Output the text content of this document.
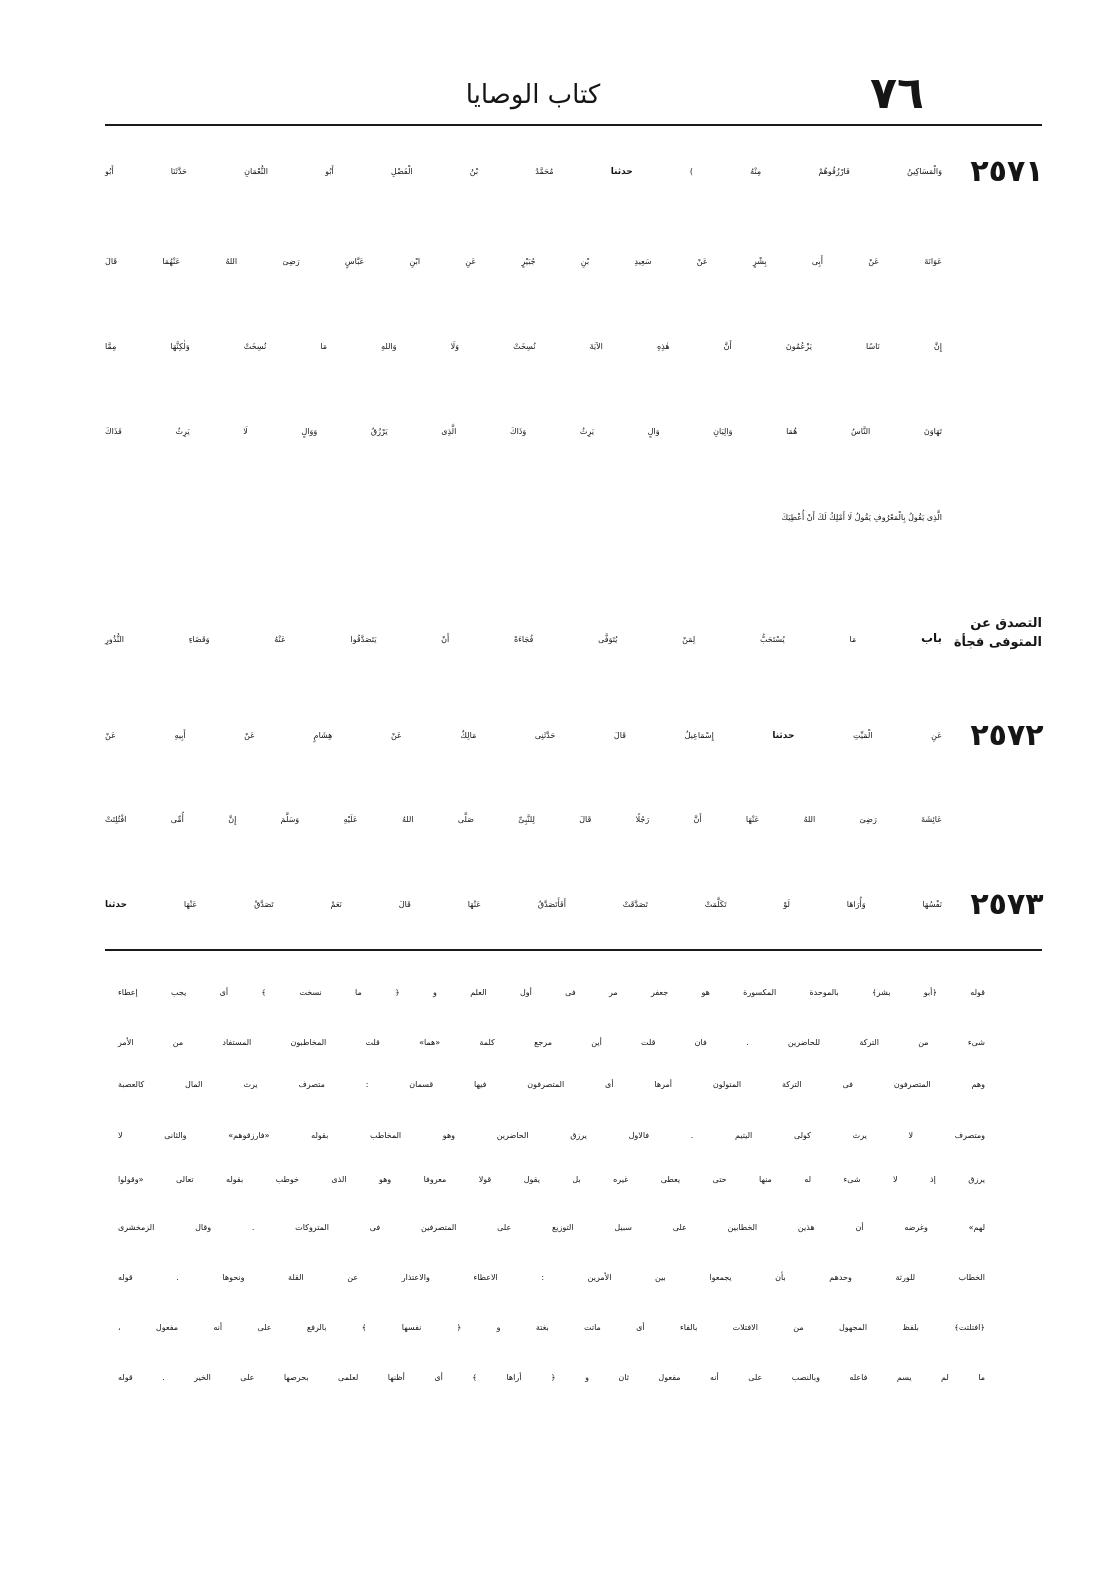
٧٦
كتاب الوصايا
٢٥٧١
وَالْمَسَاكِينُ فَارْزُقُوهُمْ مِنْهُ ) حدثنا مُحَمَّدُ بْنُ الْفَضْلِ أَبُو النُّعْمَانِ حَدَّثَنَا أَبُو
عَوَانَةَ عَنْ أَبِى بِشْرٍ عَنْ سَعِيدِ بْنِ جُبَيْرٍ عَنِ ابْنِ عَبَّاسٍ رَضِىَ اللهُ عَنْهُمَا قَالَ
إِنَّ نَاسًا يَزْعُمُونَ أَنَّ هٰذِهِ الآيَةَ نُسِخَتْ وَلَا وَاللهِ مَا نُسِخَتْ وَلٰكِنَّهَا مِمَّا
تَهَاوَنَ النَّاسُ هُمَا وَالِيَانِ وَالٍ يَرِثُ وَذَاكَ الَّذِى يَرْزُقُ وَوَالٍ لَا يَرِثُ فَذَاكَ
الَّذِى يَقُولُ بِالْمَعْرُوفِ يَقُولُ لَا أَمْلِكُ لَكَ أَنْ أُعْطِيَكَ
التصدق عن
المتوفى فجأة
باب مَا يُسْتَحَبُّ لِمَنْ يُتَوَفَّى فُجَاءَةً أَنْ يَتَصَدَّقُوا عَنْهُ وَقَضَاءِ النُّذُورِ
٢٥٧٢
عَنِ الْمَيِّتِ حدثنا إِسْمَاعِيلُ قَالَ حَدَّثَنِى مَالِكٌ عَنْ هِشَامٍ عَنْ أَبِيهِ عَنْ
عَائِشَةَ رَضِىَ اللهُ عَنْهَا أَنَّ رَجُلًا قَالَ لِلنَّبِىِّ صَلَّى اللهُ عَلَيْهِ وَسَلَّمَ إِنَّ أُمِّى افْتُلِتَتْ
٢٥٧٣
نَفْسُهَا وَأُرَاهَا لَوْ تَكَلَّمَتْ تَصَدَّقَتْ أَفَأَتَصَدَّقُ عَنْهَا قَالَ نَعَمْ تَصَدَّقْ عَنْهَا حدثنا
قوله ﴿أبو بشر﴾ بالموحدة المكسورة هو جعفر مر فى أول العلم و ﴿ ما نسخت ﴾ أى يجب إعطاء
شىء من التركة للحاضرين . فان قلت أين مرجع كلمة «هما» قلت المخاطبون المستفاد من الأمر
وهم المتصرفون فى التركة المتولون أمرها أى المتصرفون فيها قسمان : متصرف يرث المال كالعصبة
ومتصرف لا يرث كولى اليتيم . فالاول يرزق الحاضرين وهو المخاطب بقوله «فارزقوهم» والثانى لا
يرزق إذ لا شىء له منها حتى يعطى غيره بل يقول قولا معروفا وهو الذى خوطب بقوله تعالى «وقولوا
لهم» وغرضه أن هذين الخطابين على سبيل التوزيع على المتصرفين فى المتروكات . وقال الزمخشرى
الخطاب للورثة وحدهم بأن يجمعوا بين الأمرين : الاعطاء والاعتذار عن القلة ونحوها . قوله
﴿افتلتت﴾ بلفظ المجهول من الافتلات بالفاء أى ماتت بغتة و ﴿ نفسها ﴾ بالرفع على أنه مفعول ،
ما لم يسم فاعله وبالنصب على أنه مفعول ثان و ﴿ أراها ﴾ أى أظنها لعلمى بحرصها على الخير . قوله
